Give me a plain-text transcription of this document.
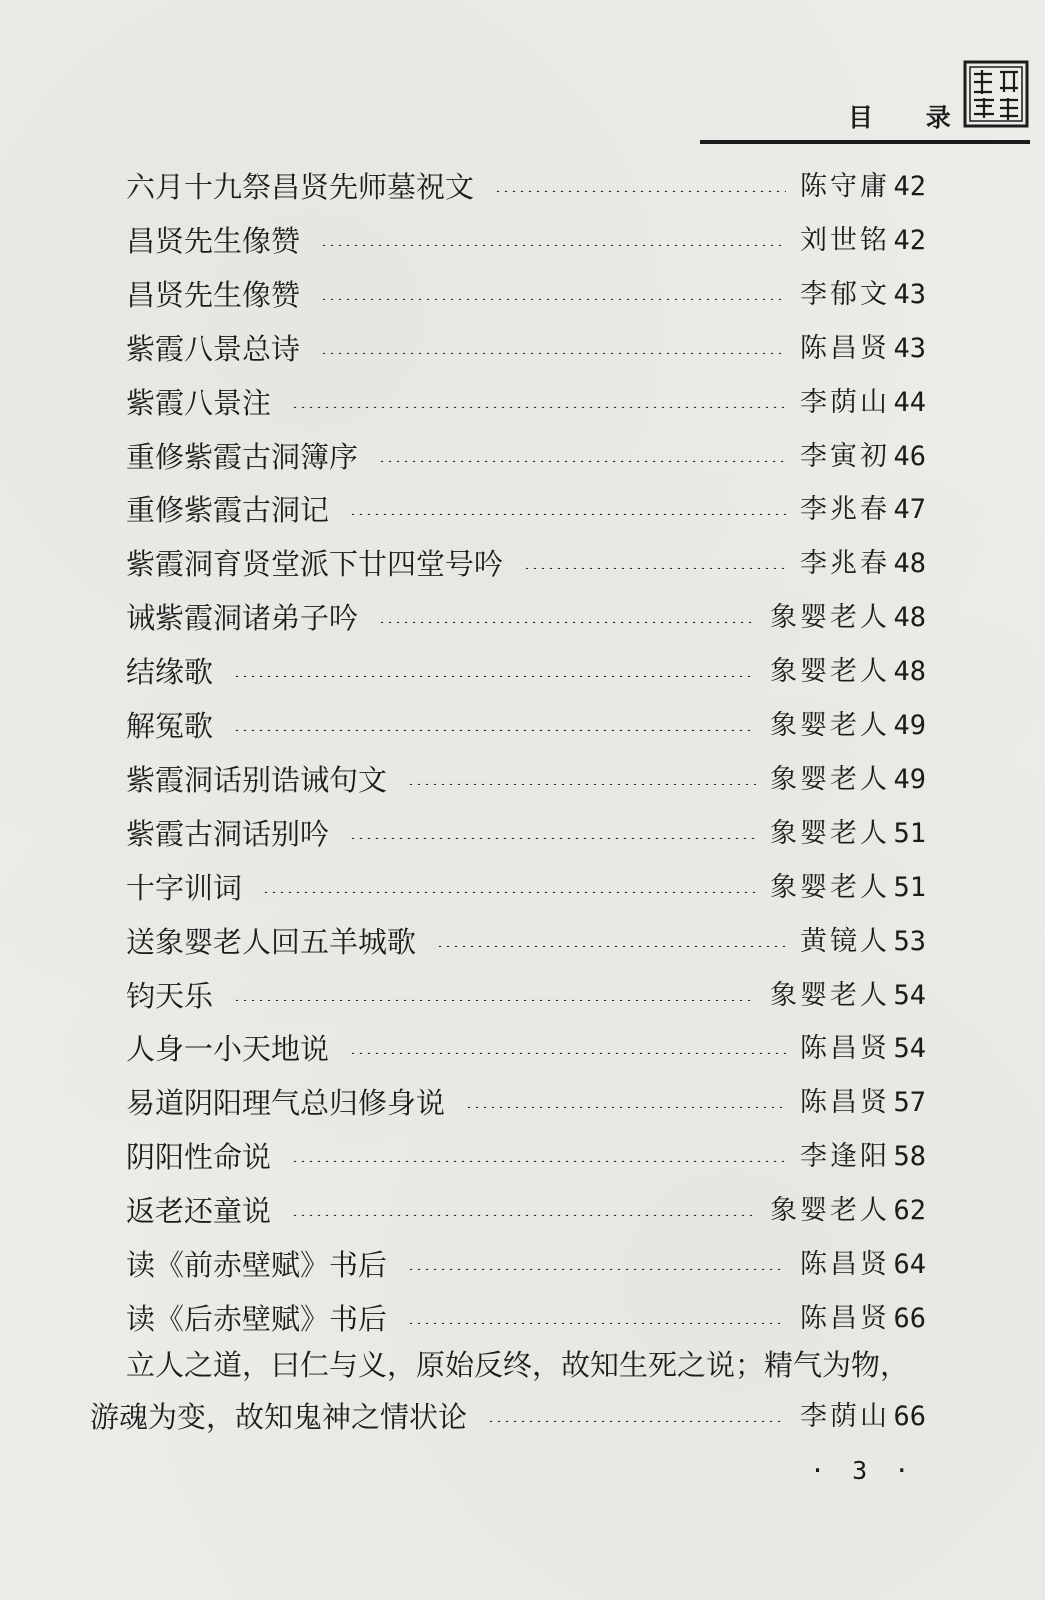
目 录
六月十九祭昌贤先师墓祝文	陈守庸 42
昌贤先生像赞	刘世铭 42
昌贤先生像赞	李郁文 43
紫霞八景总诗	陈昌贤 43
紫霞八景注	李荫山 44
重修紫霞古洞簿序	李寅初 46
重修紫霞古洞记	李兆春 47
紫霞洞育贤堂派下廿四堂号吟	李兆春 48
诫紫霞洞诸弟子吟	象婴老人 48
结缘歌	象婴老人 48
解冤歌	象婴老人 49
紫霞洞话别诰诫句文	象婴老人 49
紫霞古洞话别吟	象婴老人 51
十字训词	象婴老人 51
送象婴老人回五羊城歌	黄镜人 53
钧天乐	象婴老人 54
人身一小天地说	陈昌贤 54
易道阴阳理气总归修身说	陈昌贤 57
阴阳性命说	李逢阳 58
返老还童说	象婴老人 62
读《前赤壁赋》书后	陈昌贤 64
读《后赤壁赋》书后	陈昌贤 66
立人之道，曰仁与义，原始反终，故知生死之说；精气为物，
游魂为变，故知鬼神之情状论	李荫山 66
· 3 ·
